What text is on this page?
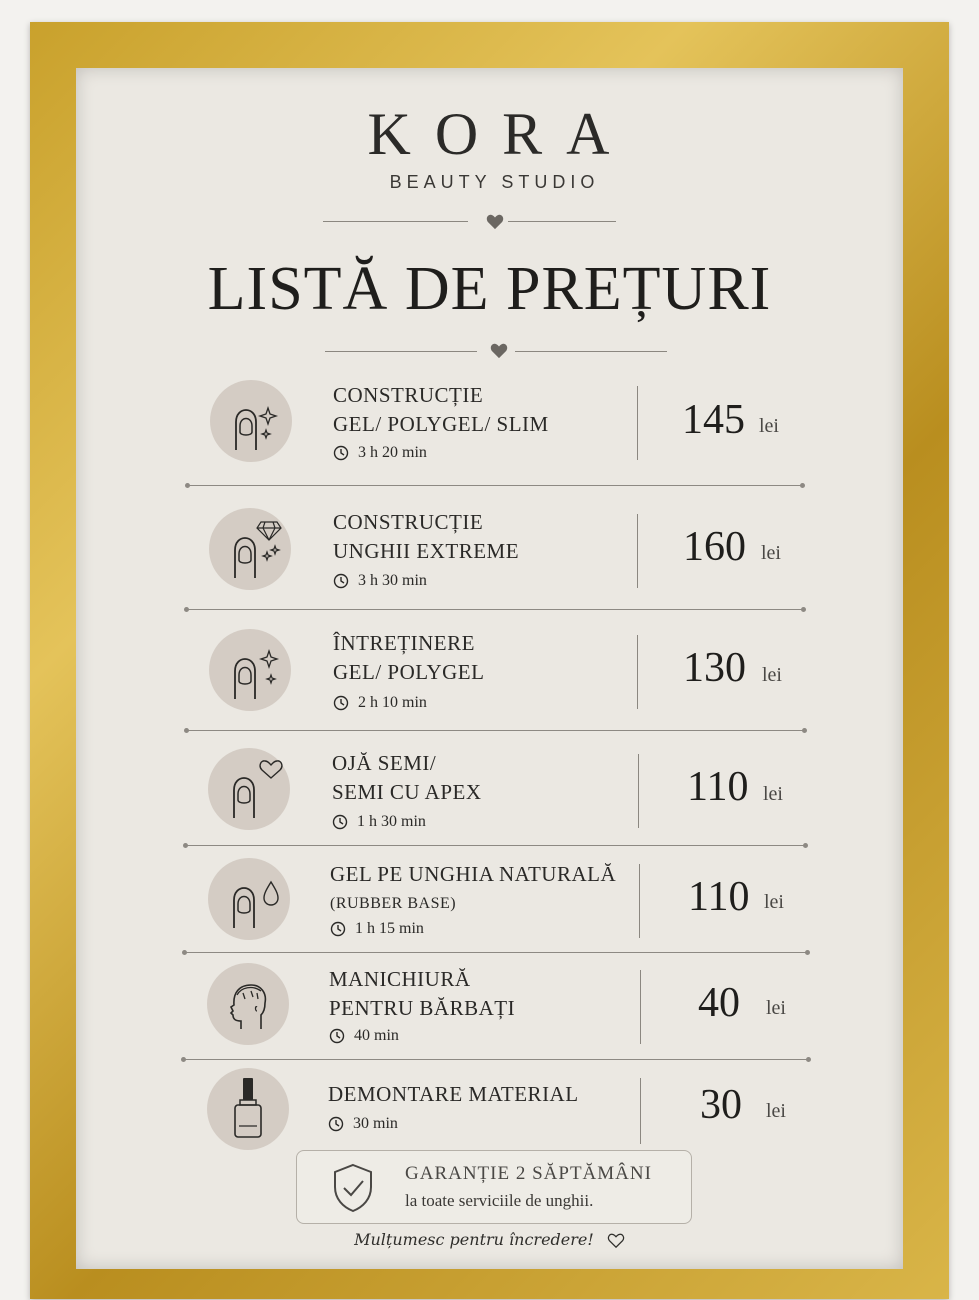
KORA
BEAUTY STUDIO
LISTĂ DE PREȚURI
CONSTRUCȚIE
GEL/ POLYGEL/ SLIM
3 h 20 min
145 lei
CONSTRUCȚIE
UNGHII EXTREME
3 h 30 min
160 lei
ÎNTREȚINERE
GEL/ POLYGEL
2 h 10 min
130 lei
OJĂ SEMI/
SEMI CU APEX
1 h 30 min
110 lei
GEL PE UNGHIA NATURALĂ
(RUBBER BASE)
1 h 15 min
110 lei
MANICHIURĂ
PENTRU BĂRBAȚI
40 min
40 lei
DEMONTARE MATERIAL
30 min	30 lei
GARANȚIE 2 SĂPTĂMÂNI
la toate serviciile de unghii.
Mulțumesc pentru încredere!
